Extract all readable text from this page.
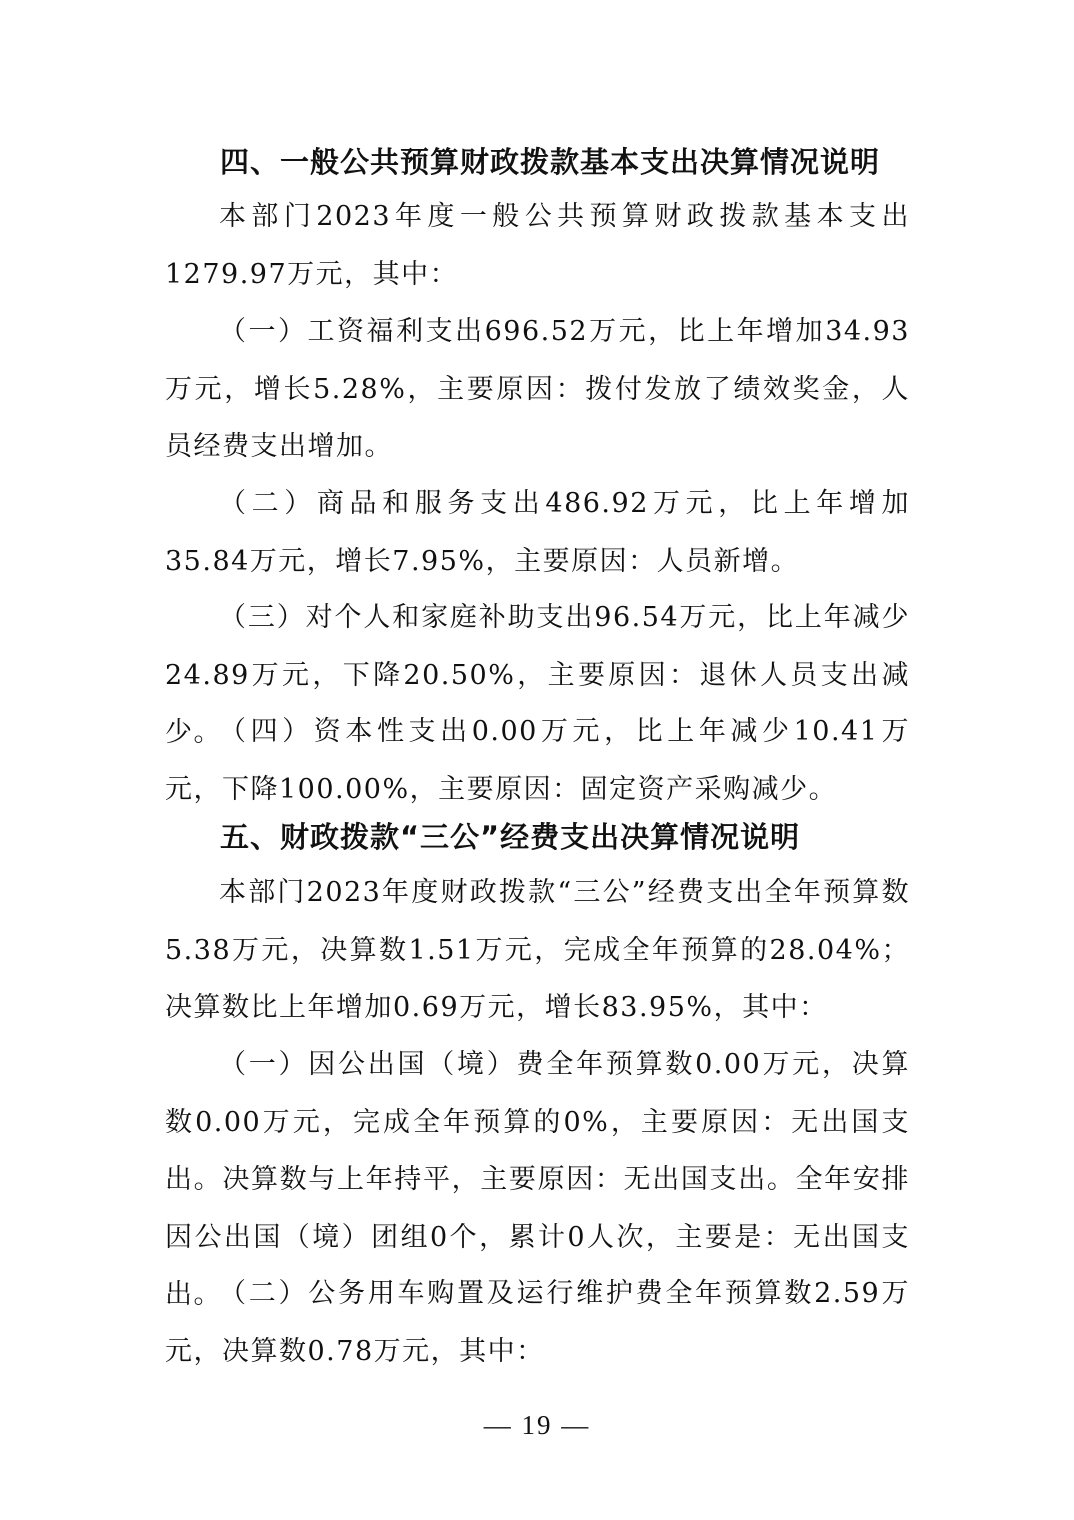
四、一般公共预算财政拨款基本支出决算情况说明
本部门2023年度一般公共预算财政拨款基本支出1279.97万元，其中：
（一）工资福利支出696.52万元，比上年增加34.93万元，增长5.28%，主要原因：拨付发放了绩效奖金，人员经费支出增加。
（二）商品和服务支出486.92万元，比上年增加35.84万元，增长7.95%，主要原因：人员新增。
（三）对个人和家庭补助支出96.54万元，比上年减少24.89万元，下降20.50%，主要原因：退休人员支出减少。
（四）资本性支出0.00万元，比上年减少10.41万元，下降100.00%，主要原因：固定资产采购减少。
五、财政拨款“三公”经费支出决算情况说明
本部门2023年度财政拨款“三公”经费支出全年预算数5.38万元，决算数1.51万元，完成全年预算的28.04%；决算数比上年增加0.69万元，增长83.95%，其中：
（一）因公出国（境）费全年预算数0.00万元，决算数0.00万元，完成全年预算的0%，主要原因：无出国支出。决算数与上年持平，主要原因：无出国支出。全年安排因公出国（境）团组0个，累计0人次，主要是：无出国支出。
（二）公务用车购置及运行维护费全年预算数2.59万元，决算数0.78万元，其中：
— 19 —
